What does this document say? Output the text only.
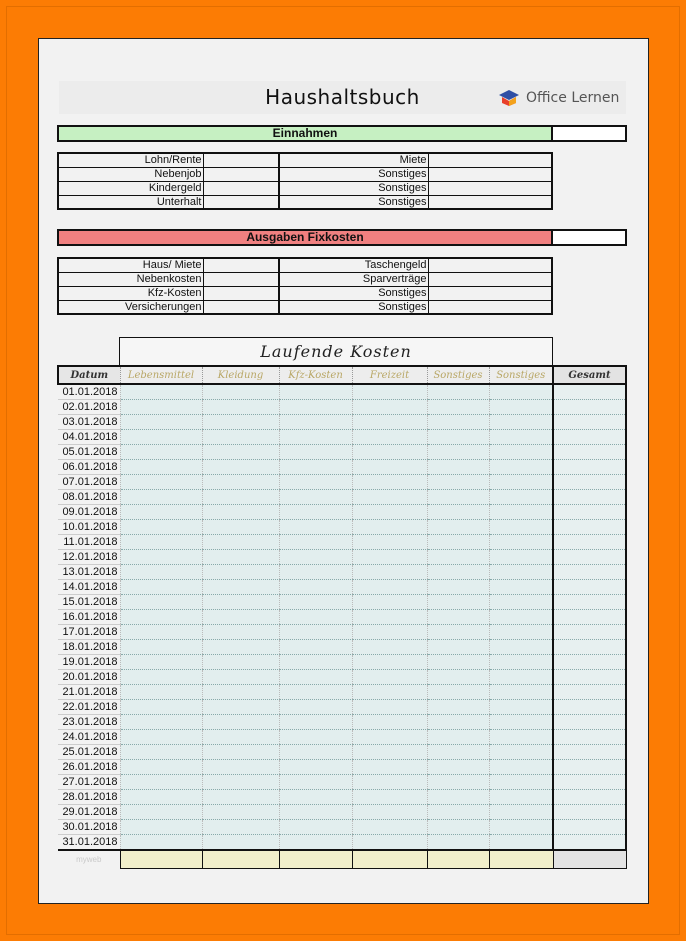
Haushaltsbuch	Office Lernen
Einnahmen
Lohn/Rente		Miete	
Nebenjob		Sonstiges	
Kindergeld		Sonstiges	
Unterhalt		Sonstiges	
Ausgaben Fixkosten
Haus/ Miete		Taschengeld	
Nebenkosten		Sparverträge	
Kfz-Kosten		Sonstiges	
Versicherungen		Sonstiges	
Laufende Kosten
Datum	Lebensmittel	Kleidung	Kfz-Kosten	Freizeit	Sonstiges	Sonstiges	Gesamt
01.01.2018							
02.01.2018							
03.01.2018							
04.01.2018							
05.01.2018							
06.01.2018							
07.01.2018							
08.01.2018							
09.01.2018							
10.01.2018							
11.01.2018							
12.01.2018							
13.01.2018							
14.01.2018							
15.01.2018							
16.01.2018							
17.01.2018							
18.01.2018							
19.01.2018							
20.01.2018							
21.01.2018							
22.01.2018							
23.01.2018							
24.01.2018							
25.01.2018							
26.01.2018							
27.01.2018							
28.01.2018							
29.01.2018							
30.01.2018							
31.01.2018							
myweb							
